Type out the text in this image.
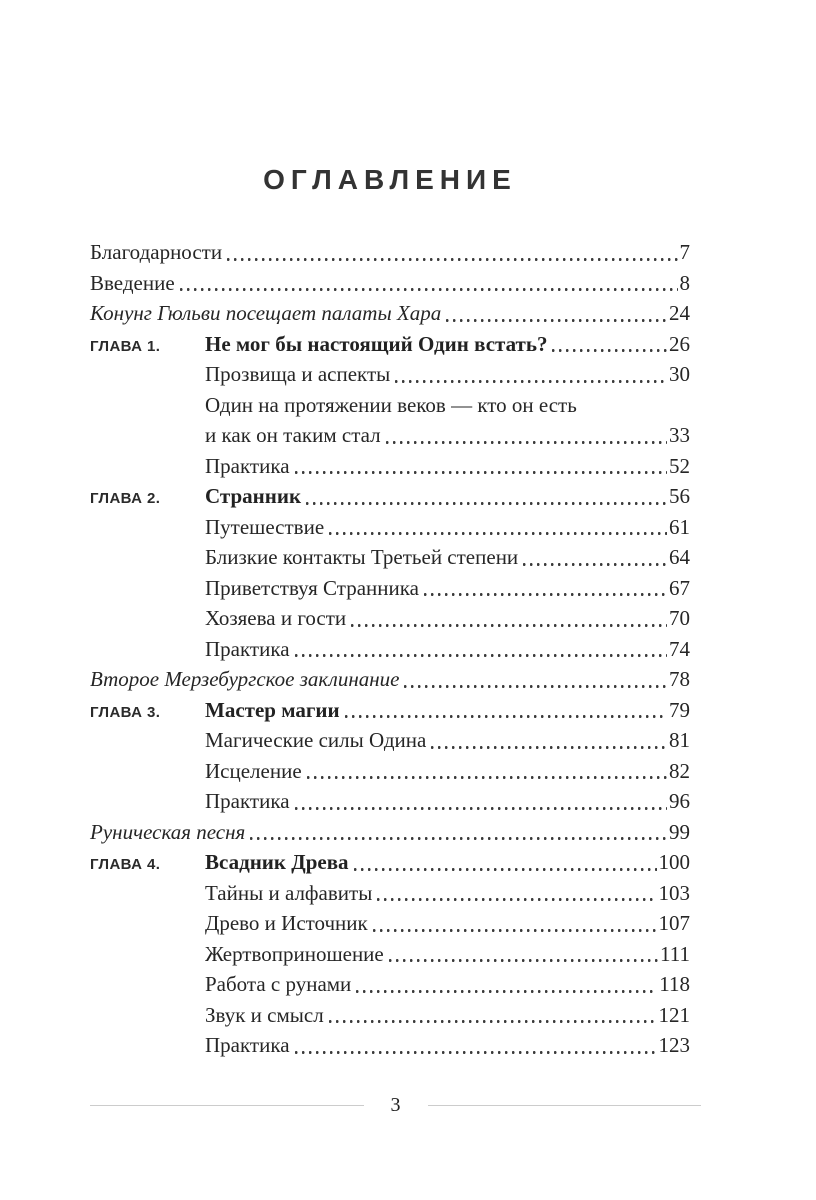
ОГЛАВЛЕНИЕ
Благодарности	7
Введение	8
Конунг Гюльви посещает палаты Хара	24
ГЛАВА 1.	Не мог бы настоящий Один встать?	26
Прозвища и аспекты	30
Один на протяжении веков — кто он есть
и как он таким стал	33
Практика	52
ГЛАВА 2.	Странник	56
Путешествие	61
Близкие контакты Третьей степени	64
Приветствуя Странника	67
Хозяева и гости	70
Практика	74
Второе Мерзебургское заклинание	78
ГЛАВА 3.	Мастер магии	79
Магические силы Одина	81
Исцеление	82
Практика	96
Руническая песня	99
ГЛАВА 4.	Всадник Древа	100
Тайны и алфавиты	103
Древо и Источник	107
Жертвоприношение	111
Работа с рунами	118
Звук и смысл	121
Практика	123
3
